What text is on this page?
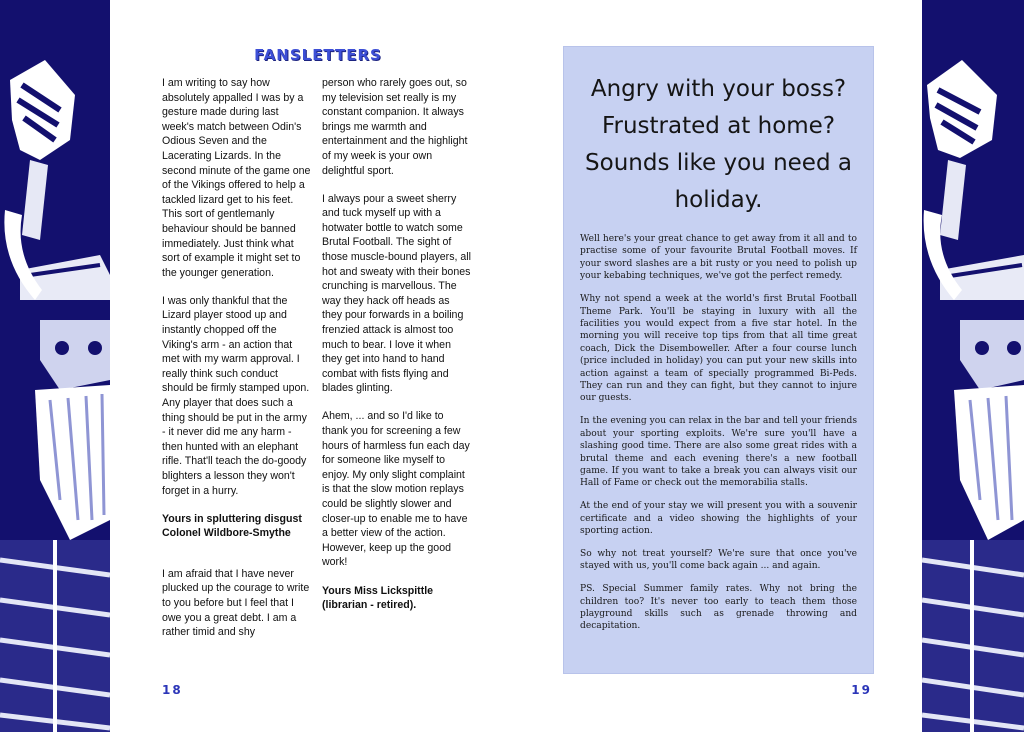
FANSLETTERS

I am writing to say how absolutely appalled I was by a gesture made during last week's match between Odin's Odious Seven and the Lacerating Lizards. In the second minute of the game one of the Vikings offered to help a tackled lizard get to his feet. This sort of gentlemanly behaviour should be banned immediately. Just think what sort of example it might set to the younger generation.

I was only thankful that the Lizard player stood up and instantly chopped off the Viking's arm - an action that met with my warm approval. I really think such conduct should be firmly stamped upon. Any player that does such a thing should be put in the army - it never did me any harm - then hunted with an elephant rifle. That'll teach the do-goody blighters a lesson they won't forget in a hurry.

Yours in spluttering disgust Colonel Wildbore-Smythe

I am afraid that I have never plucked up the courage to write to you before but I feel that I owe you a great debt. I am a rather timid and shy

person who rarely goes out, so my television set really is my constant companion. It always brings me warmth and entertainment and the highlight of my week is your own delightful sport.

I always pour a sweet sherry and tuck myself up with a hotwater bottle to watch some Brutal Football. The sight of those muscle-bound players, all hot and sweaty with their bones crunching is marvellous. The way they hack off heads as they pour forwards in a boiling frenzied attack is almost too much to bear. I love it when they get into hand to hand combat with fists flying and blades glinting.

Ahem, ... and so I'd like to thank you for screening a few hours of harmless fun each day for someone like myself to enjoy. My only slight complaint is that the slow motion replays could be slightly slower and closer-up to enable me to have a better view of the action. However, keep up the good work!

Yours Miss Lickspittle (librarian - retired).

18
Angry with your boss? Frustrated at home? Sounds like you need a holiday.

Well here's your great chance to get away from it all and to practise some of your favourite Brutal Football moves. If your sword slashes are a bit rusty or you need to polish up your kebabing techniques, we've got the perfect remedy.

Why not spend a week at the world's first Brutal Football Theme Park. You'll be staying in luxury with all the facilities you would expect from a five star hotel. In the morning you will receive top tips from that all time great coach, Dick the Disemboweller. After a four course lunch (price included in holiday) you can put your new skills into action against a team of specially programmed Bi-Peds. They can run and they can fight, but they cannot to injure our guests.

In the evening you can relax in the bar and tell your friends about your sporting exploits. We're sure you'll have a slashing good time. There are also some great rides with a brutal theme and each evening there's a new football game. If you want to take a break you can always visit our Hall of Fame or check out the memorabilia stalls.

At the end of your stay we will present you with a souvenir certificate and a video showing the highlights of your sporting action.

So why not treat yourself? We're sure that once you've stayed with us, you'll come back again ... and again.

PS. Special Summer family rates. Why not bring the children too? It's never too early to teach them those playground skills such as grenade throwing and decapitation.

19
